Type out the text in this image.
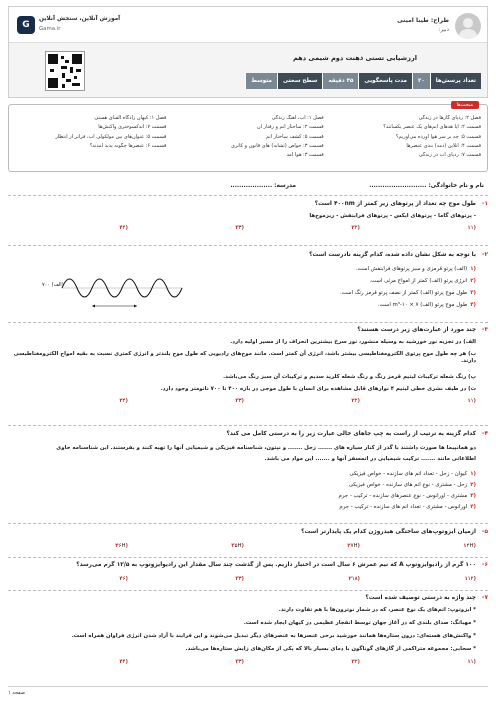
طراح: طیبا امینی
دبیر:
G
آموزش آنلاین، سنجش آنلاین
Gama.ir
ارزشیابی تستی ذهنت دوم شیمی دهم
تعداد پرسش‌ها
۲۰
مدت پاسخگویی
۴۵ دقیقه
سطح سختی
متوسط
مبحث‌ها
فصل ۲: ردپای گازها در زندگی
فصل ۱: آب، آهنگ زندگی
فصل ۱: کیهان زادگاه الفبای هستی
قسمت ۲: آیا هدهای اتم‌های یک عنصر یکسانند؟
قسمت ۲: ساختار اتم و رفتار آن
قسمت ۷: اندکسوختری واکنش‌ها
قسمت ۵: چه بر سر هوا آورده می‌آوریم؟
قسمت ۵: کشف ساختار اتم
قسمت ۵: عنوان‌های بین مولکولی آب، فراتر از انتظار
قسمت ۴: آنلاین (دمه) بندی عنصرها
قسمت ۳: خواص (تشابه) های قانون و کاتری
قسمت ۶: عنصرها چگونه پدید آمدند؟
قسمت ۷: ردپای آب در زندگی
قسمت ۳: هوا آمد
نام و نام خانوادگی: ..........................
مدرسه: ...................
۱-
طول موج چه تعداد از پرتوهای زیر کمتر از ۴۰۰nm است؟
- پرتوهای گاما - پرتوهای ایکس - پرتوهای فرابنفش - ریزموج‌ها
(۱۱
(۲۲
(۳۳
(۴۴
۲-
با توجه به شکل نشان داده شده، کدام گزینه نادرست است؟
(۱(الف) پرتو قرمزی و سبز پرتوهای فرابنفش است.
(۲انرژی پرتو (الف) کمتر از امواج مرئی است.
(۳طول موج پرتو (الف) کمتر از نصف پرتو قرمز رنگ است.
(۴طول موج پرتو (الف) m³-۱۰ × ۷ است.
(الف) ۷۰۰
۳-
چند مورد از عبارت‌های زیر درست هستند؟
الف) در تجزیه نور خورشید به وسیله منشور، نور سرخ بیشترین انحراف را از مسیر اولیه دارد.
ب) هر چه طول موج پرتوی الکترومغناطیسی بیشتر باشد، انرژی آن کمتر است. مانند موج‌های رادیویی که طول موج بلندتر و انرژی کمتری نسبت به بقیه امواج الکترومغناطیسی دارند.
پ) رنگ شعله ترکیبات لیتیم قرمز رنگ و رنگ شعله کلرید سدیم و ترکیبات آن سبز رنگ می‌باشد.
ت) در طیف نشری خطی لیتیم ۴ نوارهای قابل مشاهده برای انسان با طول موجی در بازه ۴۰۰ تا ۷۰۰ نانومتر وجود دارد.
(۱۱
(۲۲
(۳۳
(۴۴
۴-
کدام گزینه به ترتیب از راست به چپ جاهای خالی عبارت زیر را به درستی کامل می کند؟
دو همانپیما ها صورت داشتند با گذر از کنار سیاره های ....... زحل ....... و نپتون، شناسنامه فیزیکی و شیمیایی آنها را تهیه کنند و بفرستند. این شناسنامه حاوی
اطلاعاتی مانند ....... ترکیب شیمیایی در اتمسفر آنها و ....... این مواد می باشد.
(۱کیوان - زحل - تعداد اتم های سازنده - خواص فیزیکی
(۲زحل - مشتری - نوع اتم های سازنده - خواص فیزیکی
(۳مشتری - اورانوس - نوع عنصرهای سازنده - ترکیب - جرم
(۴اورانوس - مشتری - تعداد اتم های سازنده - ترکیب - جرم
۵-
ازمیان ایزوتوپ‌های ساختگی هیدروژن کدام یک پایدارتر است؟
(۱۴H
(۲۷H
(۳۵H
(۴۶H
۶-
۱۰۰ گرم از رادیوایزوتوپ A که نیم عمرش ۶ سال است در اختیار داریم. پس از گذشت چند سال مقدار این رادیوایزوتوپ به ۱۲/۵ گرم می‌رسد؟
(۱۱۲
(۲۱۸
(۳۳
(۴۶
۷-
چند واژه به درستی توصیف شده است؟
* ایزوتوپ: اتم‌های یک نوع عنصر، که در شمار نوترون‌ها با هم تفاوت دارند.
* مهبانگ: صدای بلندی که در آغاز جهان توسط انفجار عظیمی در کیهان ایجاد شده است.
* واکنش‌های هسته‌ای: درون ستاره‌ها همانند خورشید برخی عنصرها به عنصرهای دیگر تبدیل می‌شوند و این فرایند با آزاد شدن انرژی فراوان همراه است.
* سحابی: مجموعه متراکمی از گازهای گوناگون با دمای بسیار بالا که یکی از مکان‌های زایش ستاره‌ها می‌باشد.
(۱۱
(۲۲
(۳۳
(۴۴
صفحه ۱
